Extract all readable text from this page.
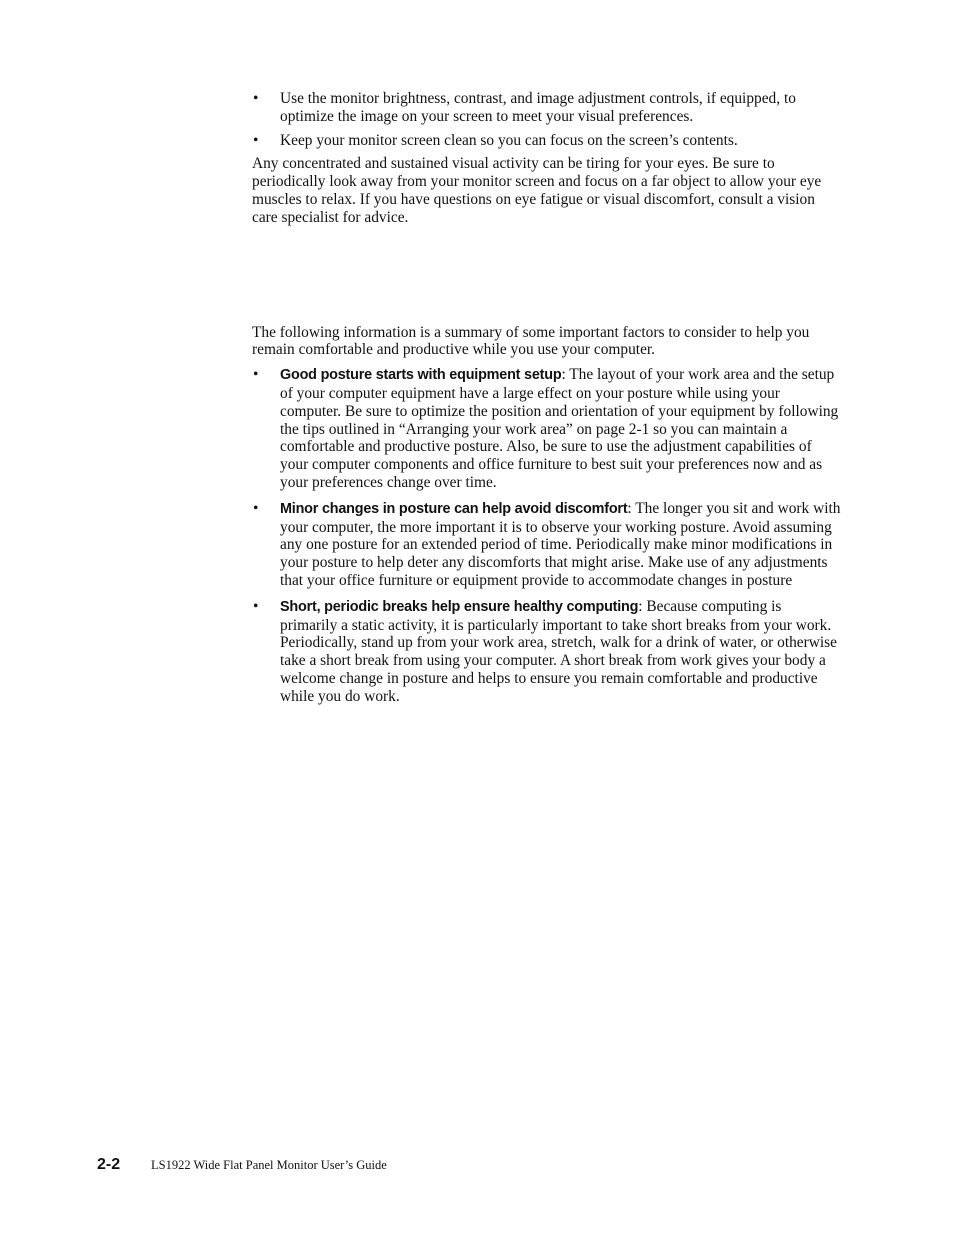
• Use the monitor brightness, contrast, and image adjustment controls, if equipped, to optimize the image on your screen to meet your visual preferences.
• Keep your monitor screen clean so you can focus on the screen’s contents.

Any concentrated and sustained visual activity can be tiring for your eyes. Be sure to periodically look away from your monitor screen and focus on a far object to allow your eye muscles to relax. If you have questions on eye fatigue or visual discomfort, consult a vision care specialist for advice.

The following information is a summary of some important factors to consider to help you remain comfortable and productive while you use your computer.

• Good posture starts with equipment setup: The layout of your work area and the setup of your computer equipment have a large effect on your posture while using your computer. Be sure to optimize the position and orientation of your equipment by following the tips outlined in “Arranging your work area” on page 2-1 so you can maintain a comfortable and productive posture. Also, be sure to use the adjustment capabilities of your computer components and office furniture to best suit your preferences now and as your preferences change over time.
• Minor changes in posture can help avoid discomfort: The longer you sit and work with your computer, the more important it is to observe your working posture. Avoid assuming any one posture for an extended period of time. Periodically make minor modifications in your posture to help deter any discomforts that might arise. Make use of any adjustments that your office furniture or equipment provide to accommodate changes in posture
• Short, periodic breaks help ensure healthy computing: Because computing is primarily a static activity, it is particularly important to take short breaks from your work. Periodically, stand up from your work area, stretch, walk for a drink of water, or otherwise take a short break from using your computer. A short break from work gives your body a welcome change in posture and helps to ensure you remain comfortable and productive while you do work.
2-2	LS1922 Wide Flat Panel Monitor User’s Guide
